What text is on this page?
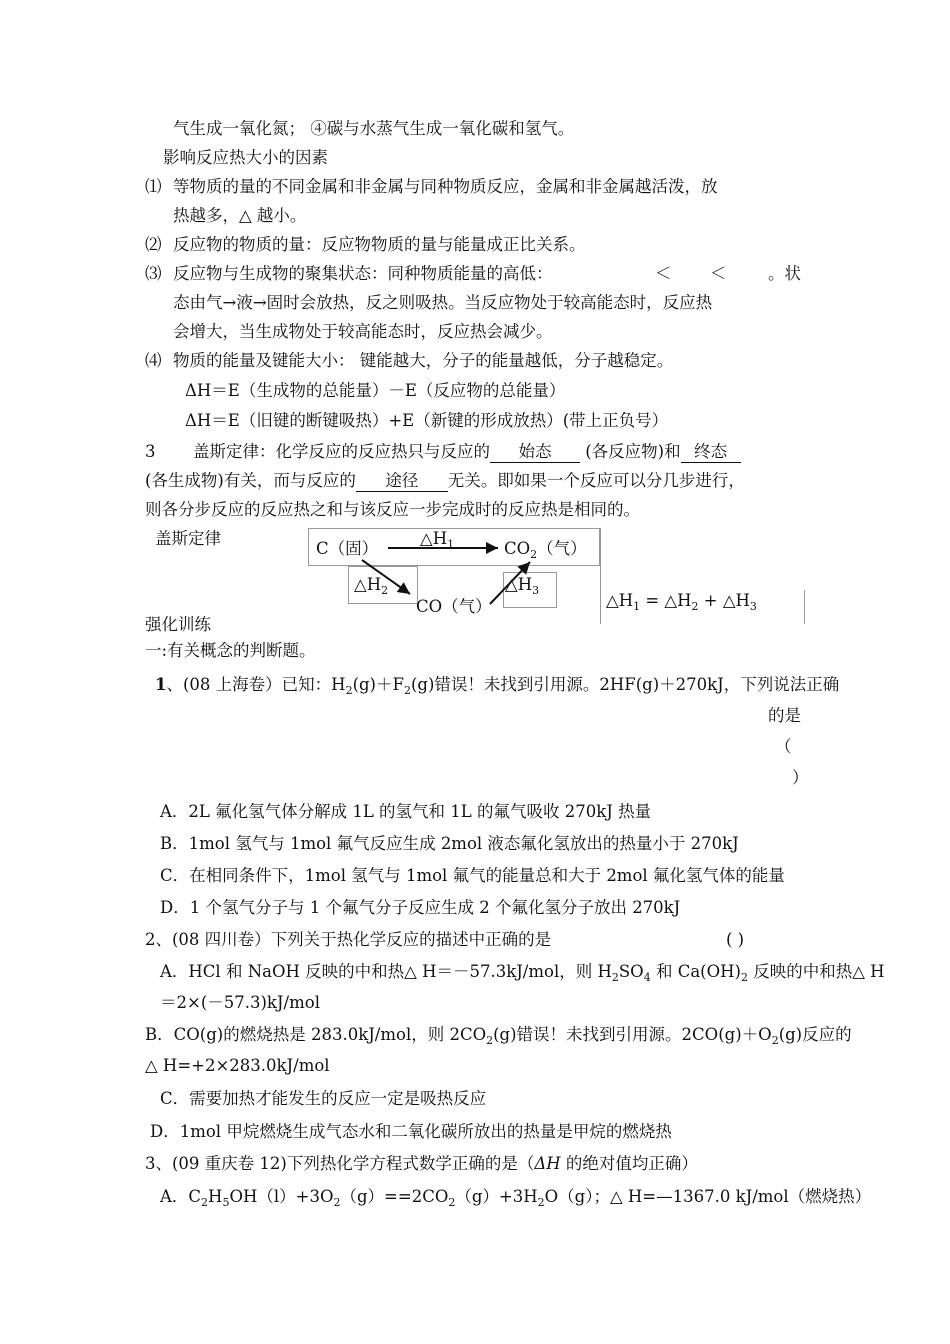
气生成一氧化氮； ④碳与水蒸气生成一氧化碳和氢气。
影响反应热大小的因素
⑴ 等物质的量的不同金属和非金属与同种物质反应，金属和非金属越活泼，放
热越多，△ 越小。
⑵ 反应物的物质的量：反应物物质的量与能量成正比关系。
⑶ 反应物与生成物的聚集状态：同种物质能量的高低：	＜ ＜	。状
态由气→液→固时会放热，反之则吸热。当反应物处于较高能态时，反应热
会增大，当生成物处于较高能态时，反应热会减少。
⑷ 物质的能量及键能大小： 键能越大，分子的能量越低，分子越稳定。
ΔH＝E（生成物的总能量）－E（反应物的总能量）
ΔH＝E（旧键的断键吸热）+E（新键的形成放热）(带上正负号）
3 盖斯定律：化学反应的反应热只与反应的 始态 (各反应物)和 终态
(各生成物)有关，而与反应的 途径 无关。即如果一个反应可以分几步进行，
则各分步反应的反应热之和与该反应一步完成时的反应热是相同的。
盖斯定律
C（固）
$\triangle H_1$	$CO_2$（气）
$\triangle H_2$	$\triangle H_3$
CO（气）	$\triangle H_1$ = $\triangle H_2$ + $\triangle H_3$
强化训练
一:有关概念的判断题。
1、(08 上海卷）已知：$H_2(g)+F_2(g)$错误！未找到引用源。2HF(g)＋270kJ，下列说法正确
的是
（
）
A．2L 氟化氢气体分解成 1L 的氢气和 1L 的氟气吸收 270kJ 热量
B．1mol 氢气与 1mol 氟气反应生成 2mol 液态氟化氢放出的热量小于 270kJ
C．在相同条件下，1mol 氢气与 1mol 氟气的能量总和大于 2mol 氟化氢气体的能量
D．1 个氢气分子与 1 个氟气分子反应生成 2 个氟化氢分子放出 270kJ
2、(08 四川卷）下列关于热化学反应的描述中正确的是	( )
A．HCl 和 NaOH 反映的中和热△ H＝－57.3kJ/mol，则 $H_2SO_4$ 和 $Ca(OH)_2$ 反映的中和热△ H
＝2×(－57.3)kJ/mol
B．CO(g)的燃烧热是 283.0kJ/mol，则 $2CO_2(g)$错误！未找到引用源。$2CO(g)+O_2(g)$反应的
△ H=+2×283.0kJ/mol
C．需要加热才能发生的反应一定是吸热反应
D．1mol 甲烷燃烧生成气态水和二氧化碳所放出的热量是甲烷的燃烧热
3、(09 重庆卷 12)下列热化学方程式数学正确的是（ΔH 的绝对值均正确）
A．$C_2H_5OH(l)+3O_2(g)==2CO_2(g)+3H_2O(g)$；△ H=—1367.0 kJ/mol（燃烧热）
